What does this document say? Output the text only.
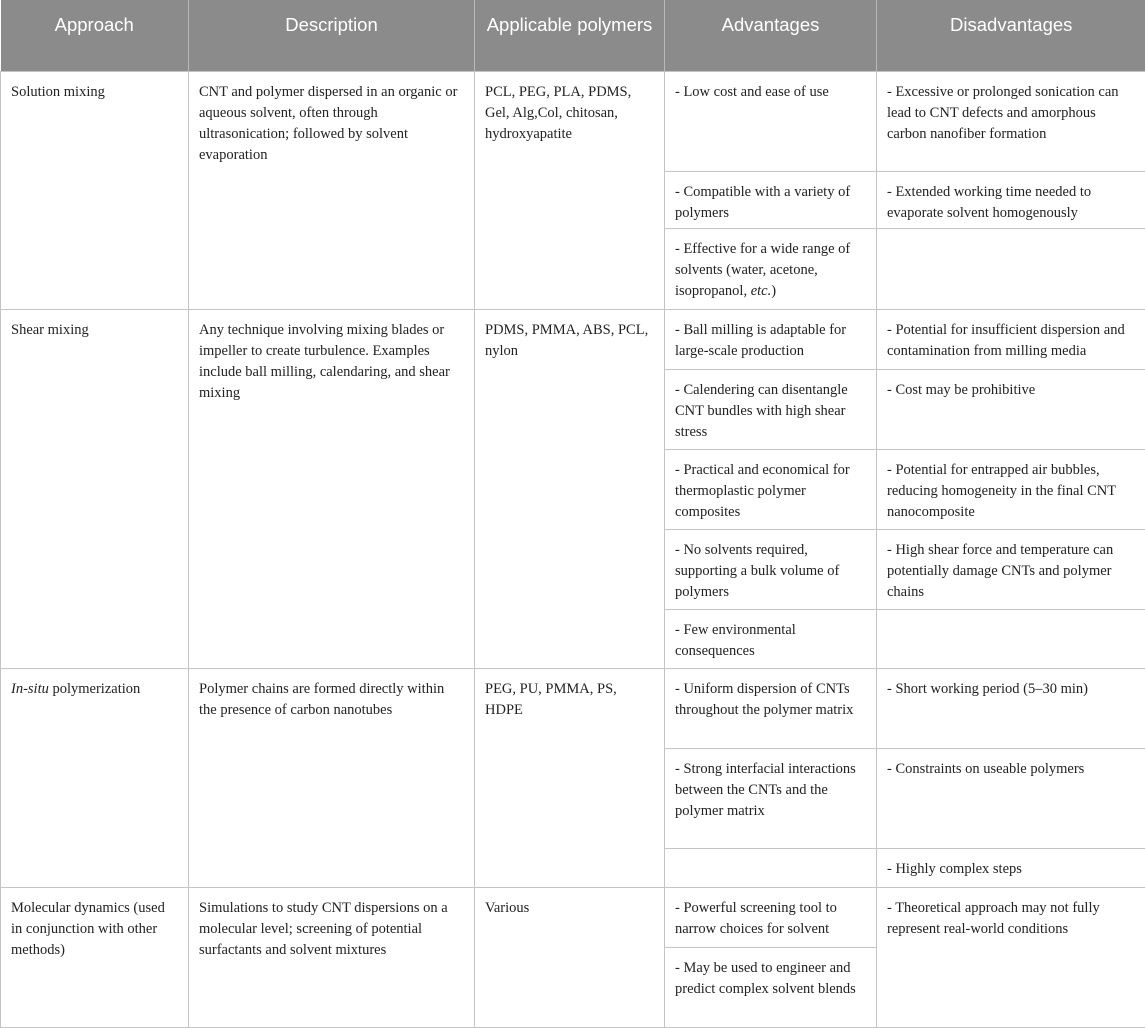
Approach	Description	Applicable polymers	Advantages	Disadvantages
Solution mixing	CNT and polymer dispersed in an organic or aqueous solvent, often through ultrasonication; followed by solvent evaporation	PCL, PEG, PLA, PDMS, Gel, Alg,Col, chitosan, hydroxyapatite	- Low cost and ease of use	- Excessive or prolonged sonication can lead to CNT defects and amorphous carbon nanofiber formation
			- Compatible with a variety of polymers	- Extended working time needed to evaporate solvent homogenously
			- Effective for a wide range of solvents (water, acetone, isopropanol, etc.)	
Shear mixing	Any technique involving mixing blades or impeller to create turbulence. Examples include ball milling, calendaring, and shear mixing	PDMS, PMMA, ABS, PCL, nylon	- Ball milling is adaptable for large-scale production	- Potential for insufficient dispersion and contamination from milling media
			- Calendering can disentangle CNT bundles with high shear stress	- Cost may be prohibitive
			- Practical and economical for thermoplastic polymer composites	- Potential for entrapped air bubbles, reducing homogeneity in the final CNT nanocomposite
			- No solvents required, supporting a bulk volume of polymers	- High shear force and temperature can potentially damage CNTs and polymer chains
			- Few environmental consequences	
In-situ polymerization	Polymer chains are formed directly within the presence of carbon nanotubes	PEG, PU, PMMA, PS, HDPE	- Uniform dispersion of CNTs throughout the polymer matrix	- Short working period (5–30 min)
			- Strong interfacial interactions between the CNTs and the polymer matrix	- Constraints on useable polymers
				- Highly complex steps
Molecular dynamics (used in conjunction with other methods)	Simulations to study CNT dispersions on a molecular level; screening of potential surfactants and solvent mixtures	Various	- Powerful screening tool to narrow choices for solvent	- Theoretical approach may not fully represent real-world conditions
			- May be used to engineer and predict complex solvent blends	
